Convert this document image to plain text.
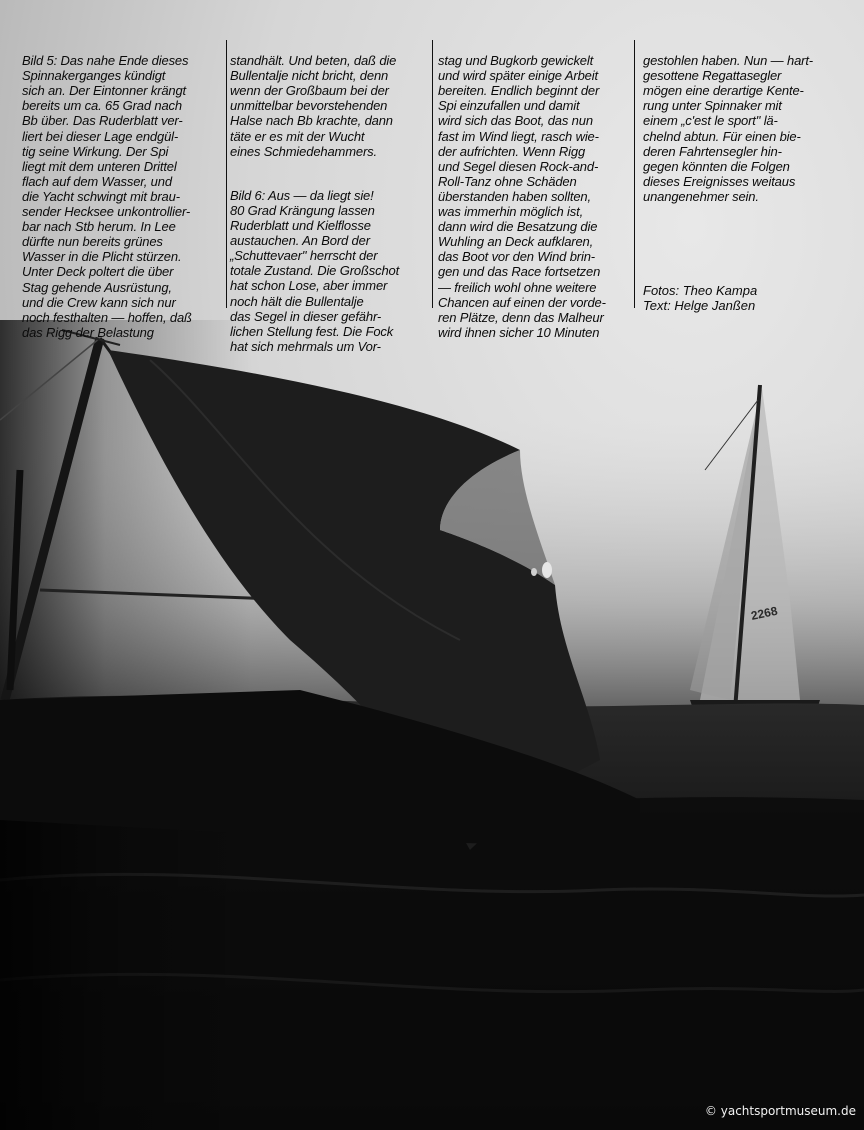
2268

Bild 5: Das nahe Ende dieses
Spinnakerganges kündigt
sich an. Der Eintonner krängt
bereits um ca. 65 Grad nach
Bb über. Das Ruderblatt ver-
liert bei dieser Lage endgül-
tig seine Wirkung. Der Spi
liegt mit dem unteren Drittel
flach auf dem Wasser, und
die Yacht schwingt mit brau-
sender Hecksee unkontrollier-
bar nach Stb herum. In Lee
dürfte nun bereits grünes
Wasser in die Plicht stürzen.
Unter Deck poltert die über
Stag gehende Ausrüstung,
und die Crew kann sich nur
noch festhalten — hoffen, daß
das Rigg der Belastung

standhält. Und beten, daß die
Bullentalje nicht bricht, denn
wenn der Großbaum bei der
unmittelbar bevorstehenden
Halse nach Bb krachte, dann
täte er es mit der Wucht
eines Schmiedehammers.

Bild 6: Aus — da liegt sie!
80 Grad Krängung lassen
Ruderblatt und Kielflosse
austauchen. An Bord der
„Schuttevaer" herrscht der
totale Zustand. Die Großschot
hat schon Lose, aber immer
noch hält die Bullentalje
das Segel in dieser gefähr-
lichen Stellung fest. Die Fock
hat sich mehrmals um Vor-

stag und Bugkorb gewickelt
und wird später einige Arbeit
bereiten. Endlich beginnt der
Spi einzufallen und damit
wird sich das Boot, das nun
fast im Wind liegt, rasch wie-
der aufrichten. Wenn Rigg
und Segel diesen Rock-and-
Roll-Tanz ohne Schäden
überstanden haben sollten,
was immerhin möglich ist,
dann wird die Besatzung die
Wuhling an Deck aufklaren,
das Boot vor den Wind brin-
gen und das Race fortsetzen
— freilich wohl ohne weitere
Chancen auf einen der vorde-
ren Plätze, denn das Malheur
wird ihnen sicher 10 Minuten

gestohlen haben. Nun — hart-
gesottene Regattasegler
mögen eine derartige Kente-
rung unter Spinnaker mit
einem „c'est le sport" lä-
chelnd abtun. Für einen bie-
deren Fahrtensegler hin-
gegen könnten die Folgen
dieses Ereignisses weitaus
unangenehmer sein.

Fotos: Theo Kampa
Text: Helge Janßen
© yachtsportmuseum.de
